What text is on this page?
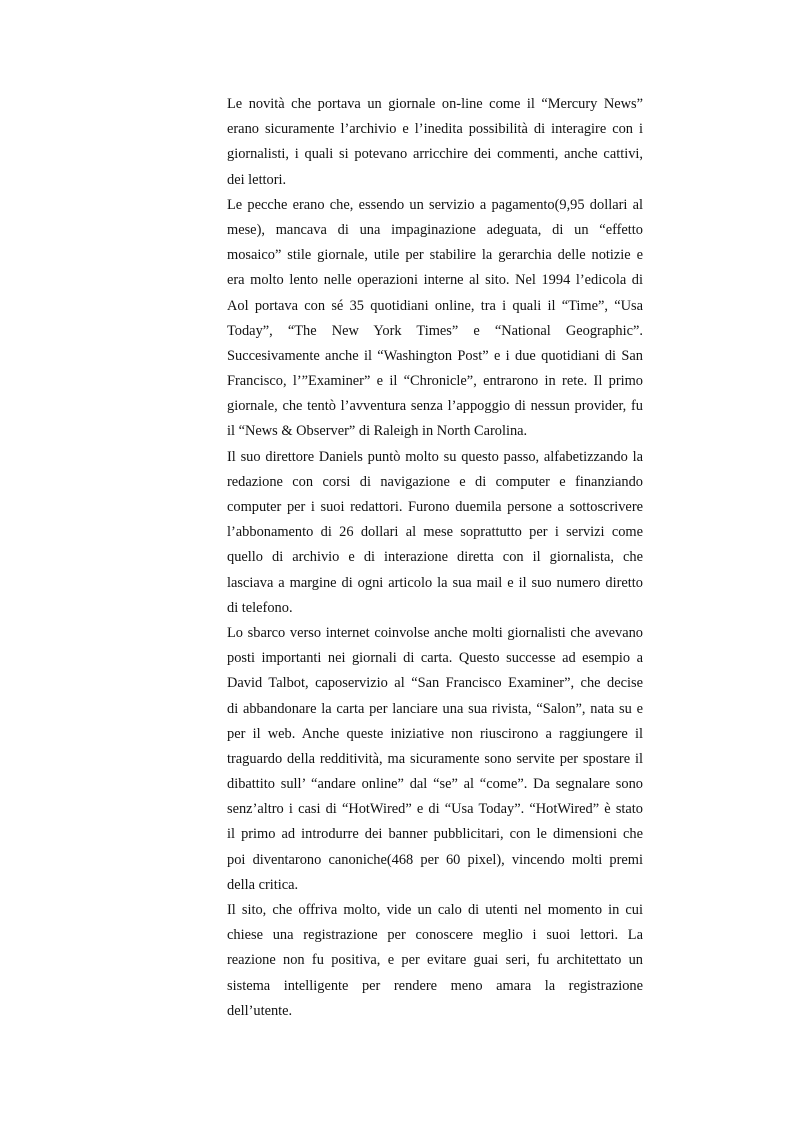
Le novità che portava un giornale on-line come il “Mercury News”
erano sicuramente l’archivio e l’inedita possibilità di interagire con i
giornalisti, i quali si potevano arricchire dei commenti, anche cattivi,
dei lettori.
Le pecche erano che, essendo un servizio a pagamento(9,95 dollari al
mese), mancava di una impaginazione adeguata, di un “effetto
mosaico” stile giornale, utile per stabilire la gerarchia delle notizie e
era molto lento nelle operazioni interne al sito. Nel 1994 l’edicola di
Aol portava con sé 35 quotidiani online, tra i quali il “Time”, “Usa
Today”, “The New York Times” e “National Geographic”.
Succesivamente anche il “Washington Post” e i due quotidiani di San
Francisco, l’”Examiner” e il “Chronicle”, entrarono in rete. Il primo
giornale, che tentò l’avventura senza l’appoggio di nessun provider, fu
il “News & Observer” di Raleigh in North Carolina.
Il suo direttore Daniels puntò molto su questo passo, alfabetizzando la
redazione con corsi di navigazione e di computer e finanziando
computer per i suoi redattori. Furono duemila persone a sottoscrivere
l’abbonamento di 26 dollari al mese soprattutto per i servizi come
quello di archivio e di interazione diretta con il giornalista, che
lasciava a margine di ogni articolo la sua mail e il suo numero diretto
di telefono.
Lo sbarco verso internet coinvolse anche molti giornalisti che avevano
posti importanti nei giornali di carta. Questo successe ad esempio a
David Talbot, caposervizio al “San Francisco Examiner”, che decise
di abbandonare la carta per lanciare una sua rivista, “Salon”, nata su e
per il web. Anche queste iniziative non riuscirono a raggiungere il
traguardo della redditività, ma sicuramente sono servite per spostare il
dibattito sull’ “andare online” dal “se” al “come”. Da segnalare sono
senz’altro i casi di “HotWired” e di “Usa Today”. “HotWired” è stato
il primo ad introdurre dei banner pubblicitari, con le dimensioni che
poi diventarono canoniche(468 per 60 pixel), vincendo molti premi
della critica.
Il sito, che offriva molto, vide un calo di utenti nel momento in cui
chiese una registrazione per conoscere meglio i suoi lettori. La
reazione non fu positiva, e per evitare guai seri, fu architettato un
sistema intelligente per rendere meno amara la registrazione
dell’utente.
